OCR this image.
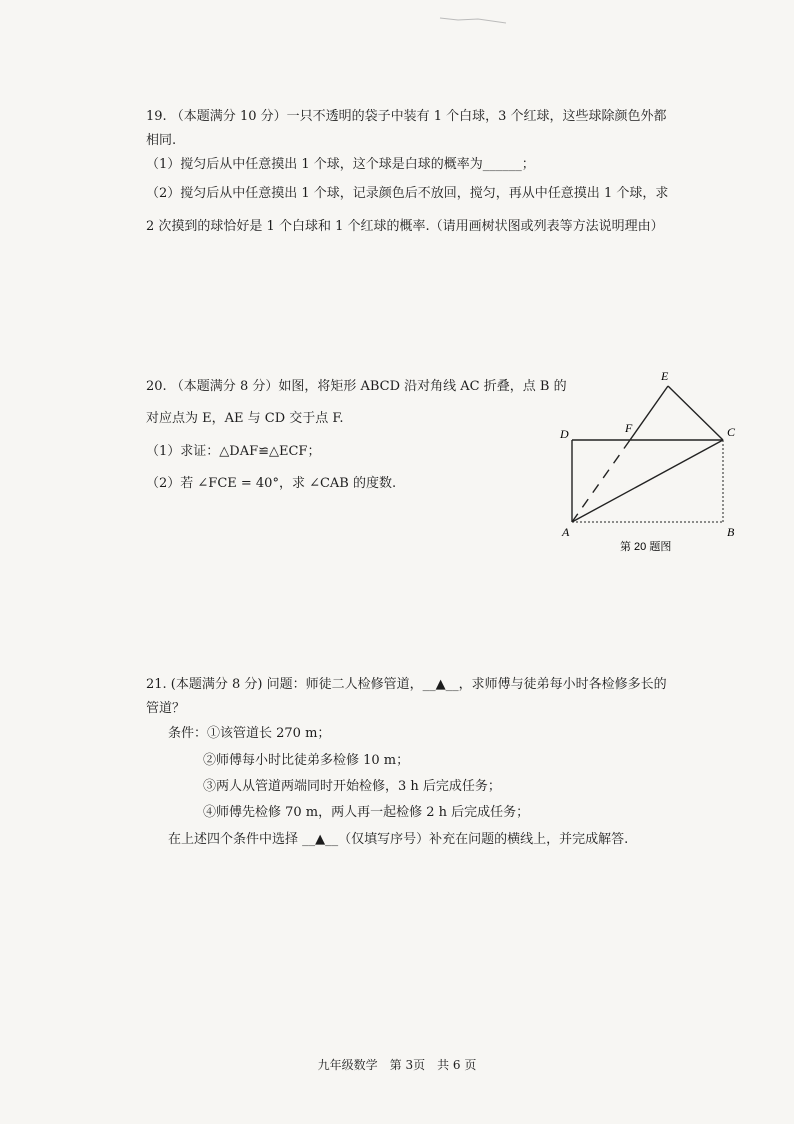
19. （本题满分 10 分）一只不透明的袋子中装有 1 个白球，3 个红球，这些球除颜色外都
相同.
（1）搅匀后从中任意摸出 1 个球，这个球是白球的概率为______；
（2）搅匀后从中任意摸出 1 个球，记录颜色后不放回，搅匀，再从中任意摸出 1 个球，求
2 次摸到的球恰好是 1 个白球和 1 个红球的概率.（请用画树状图或列表等方法说明理由）
20. （本题满分 8 分）如图，将矩形 ABCD 沿对角线 AC 折叠，点 B 的
对应点为 E，AE 与 CD 交于点 F.
（1）求证：△DAF≌△ECF；
（2）若 ∠FCE = 40°，求 ∠CAB 的度数.
E
F
D	C
A	B
第 20 题图
21. (本题满分 8 分) 问题：师徒二人检修管道，__▲__，求师傅与徒弟每小时各检修多长的
管道？
条件：①该管道长 270 m；
②师傅每小时比徒弟多检修 10 m；
③两人从管道两端同时开始检修，3 h 后完成任务；
④师傅先检修 70 m，两人再一起检修 2 h 后完成任务；
在上述四个条件中选择 __▲__（仅填写序号）补充在问题的横线上，并完成解答.
九年级数学　第 3页　共 6 页
